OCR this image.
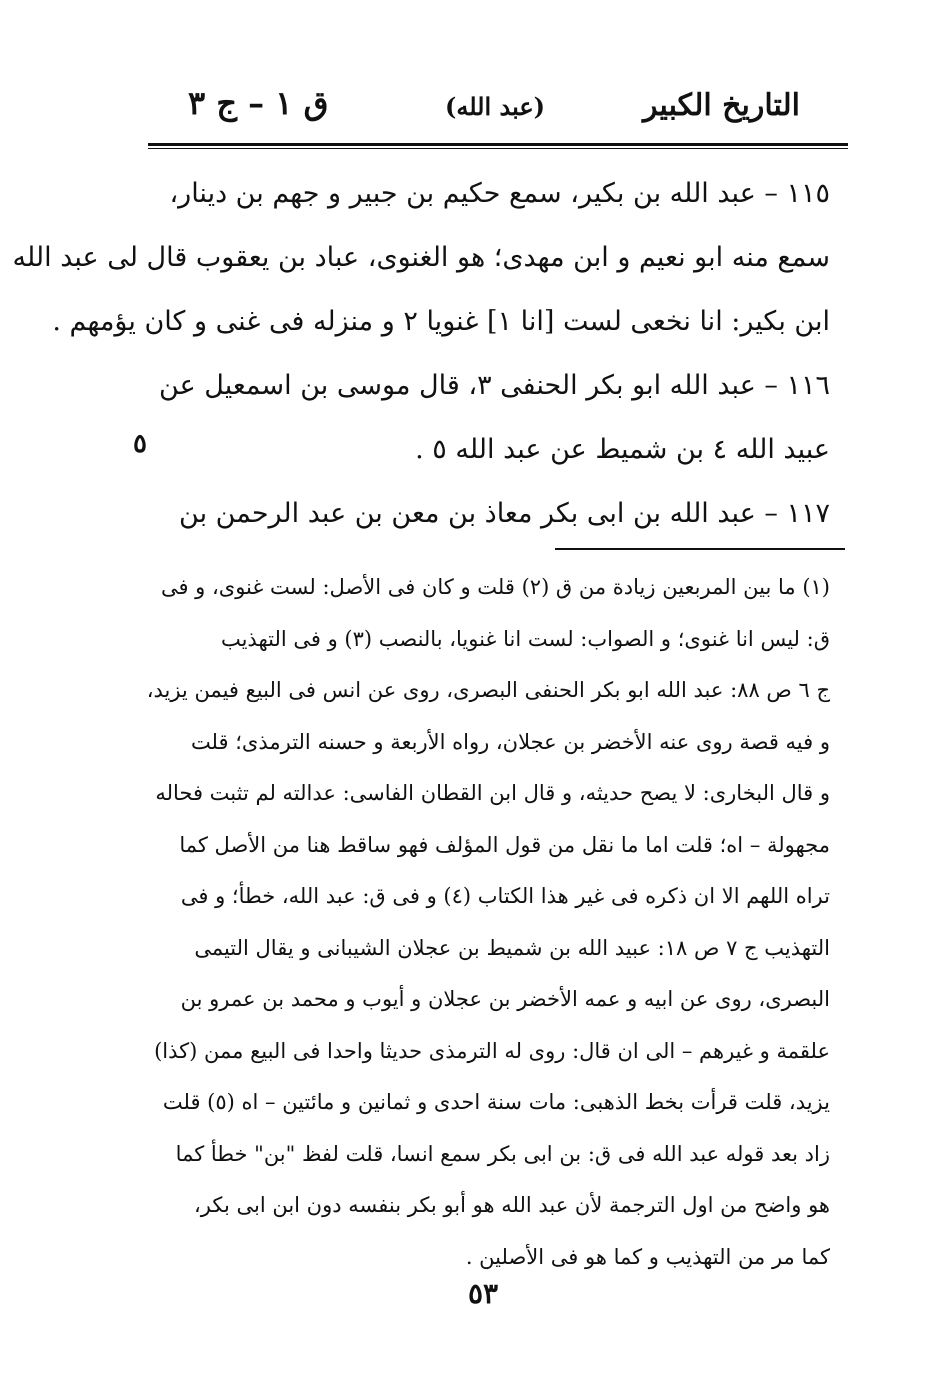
التاريخ الكبير
(عبد الله)
ق ١ – ج ٣
١١٥ – عبد الله بن بكير، سمع حكيم بن جبير و جهم بن دينار،
سمع منه ابو نعيم و ابن مهدى؛ هو الغنوى، عباد بن يعقوب قال لى عبد الله
ابن بكير: انا نخعى لست [انا ١] غنويا ٢ و منزله فى غنى و كان يؤمهم .
١١٦ – عبد الله ابو بكر الحنفى ٣، قال موسى بن اسمعيل عن
عبيد الله ٤ بن شميط عن عبد الله ٥ .
١١٧ – عبد الله بن ابى بكر معاذ بن معن بن عبد الرحمن بن
٥
(١) ما بين المربعين زيادة من ق (٢) قلت و كان فى الأصل: لست غنوى، و فى
ق: ليس انا غنوى؛ و الصواب: لست انا غنويا، بالنصب (٣) و فى التهذيب
ج ٦ ص ٨٨: عبد الله ابو بكر الحنفى البصرى، روى عن انس فى البيع فيمن يزيد،
و فيه قصة روى عنه الأخضر بن عجلان، رواه الأربعة و حسنه الترمذى؛ قلت
و قال البخارى: لا يصح حديثه، و قال ابن القطان الفاسى: عدالته لم تثبت فحاله
مجهولة – اه؛ قلت اما ما نقل من قول المؤلف فهو ساقط هنا من الأصل كما
تراه اللهم الا ان ذكره فى غير هذا الكتاب (٤) و فى ق: عبد الله، خطأ؛ و فى
التهذيب ج ٧ ص ١٨: عبيد الله بن شميط بن عجلان الشيبانى و يقال التيمى
البصرى، روى عن ابيه و عمه الأخضر بن عجلان و أيوب و محمد بن عمرو بن
علقمة و غيرهم – الى ان قال: روى له الترمذى حديثا واحدا فى البيع ممن (كذا)
يزيد، قلت قرأت بخط الذهبى: مات سنة احدى و ثمانين و مائتين – اه (٥) قلت
زاد بعد قوله عبد الله فى ق: بن ابى بكر سمع انسا، قلت لفظ "بن" خطأ كما
هو واضح من اول الترجمة لأن عبد الله هو أبو بكر بنفسه دون ابن ابى بكر،
كما مر من التهذيب و كما هو فى الأصلين .
٥٣
